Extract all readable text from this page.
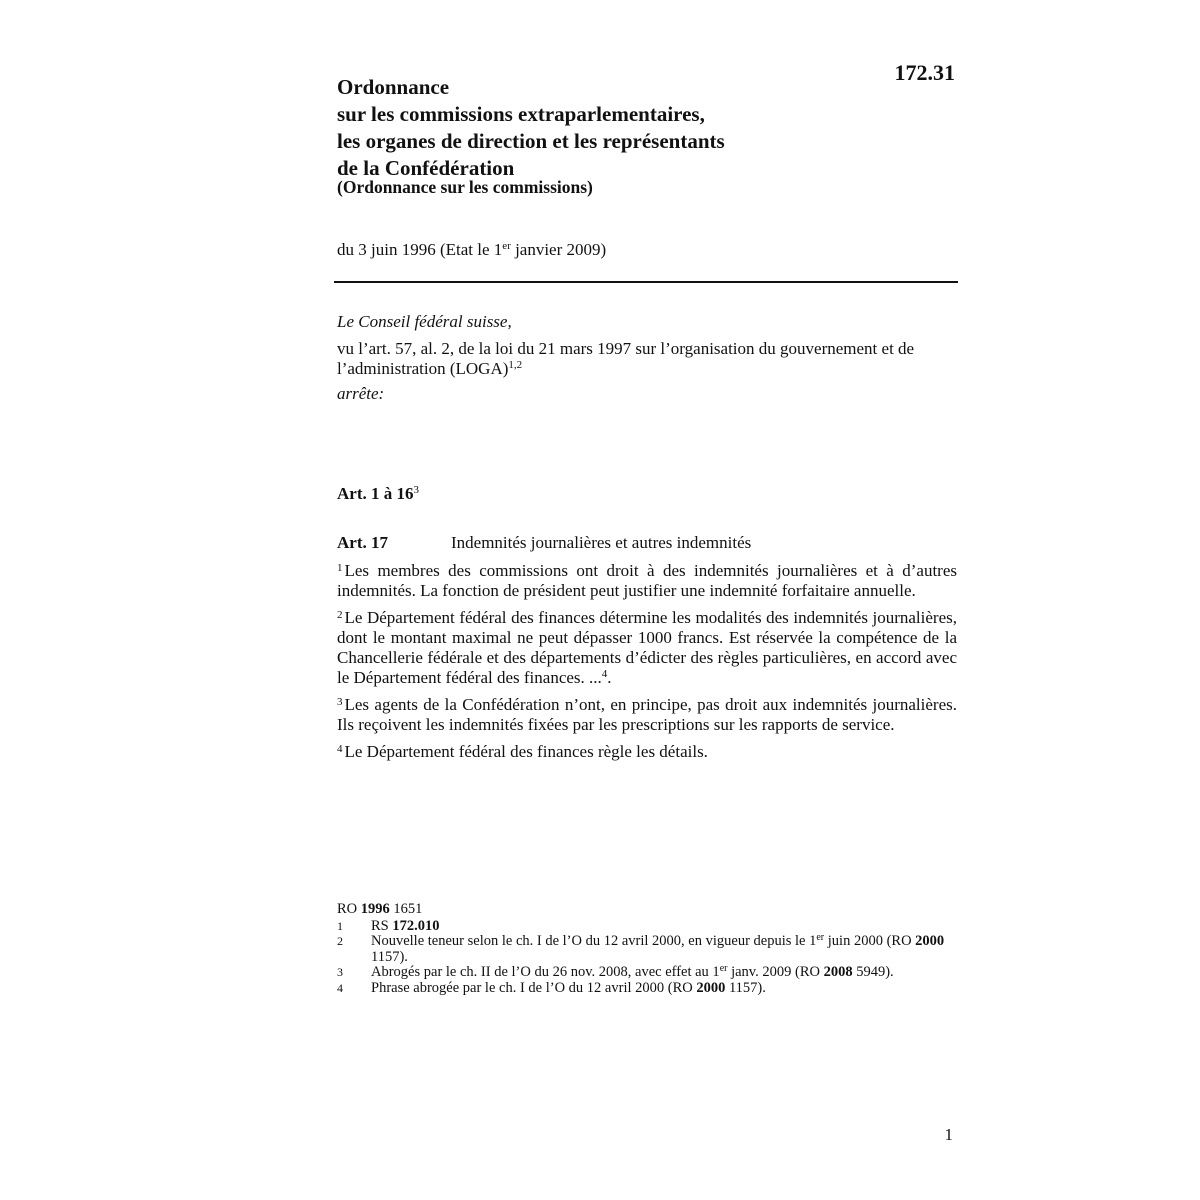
172.31

Ordonnance
sur les commissions extraparlementaires,
les organes de direction et les représentants
de la Confédération
(Ordonnance sur les commissions)
du 3 juin 1996 (Etat le 1er janvier 2009)
Le Conseil fédéral suisse,
vu l’art. 57, al. 2, de la loi du 21 mars 1997 sur l’organisation du gouvernement et de l’administration (LOGA)$^{1,2}$
arrête:
Art. 1 à $16^3$
Art. 17	Indemnités journalières et autres indemnités

$^1$ Les membres des commissions ont droit à des indemnités journalières et à d’autres indemnités. La fonction de président peut justifier une indemnité forfaitaire annuelle.

$^2$ Le Département fédéral des finances détermine les modalités des indemnités journalières, dont le montant maximal ne peut dépasser 1000 francs. Est réservée la compétence de la Chancellerie fédérale et des départements d’édicter des règles particulières, en accord avec le Département fédéral des finances. ...$^4$.

$^3$ Les agents de la Confédération n’ont, en principe, pas droit aux indemnités journalières. Ils reçoivent les indemnités fixées par les prescriptions sur les rapports de service.

$^4$ Le Département fédéral des finances règle les détails.

RO 1996 1651
1	RS 172.010
2	Nouvelle teneur selon le ch. I de l’O du 12 avril 2000, en vigueur depuis le 1er juin 2000 (RO 2000 1157).
3	Abrogés par le ch. II de l’O du 26 nov. 2008, avec effet au 1er janv. 2009 (RO 2008 5949).
4	Phrase abrogée par le ch. I de l’O du 12 avril 2000 (RO 2000 1157).
1
